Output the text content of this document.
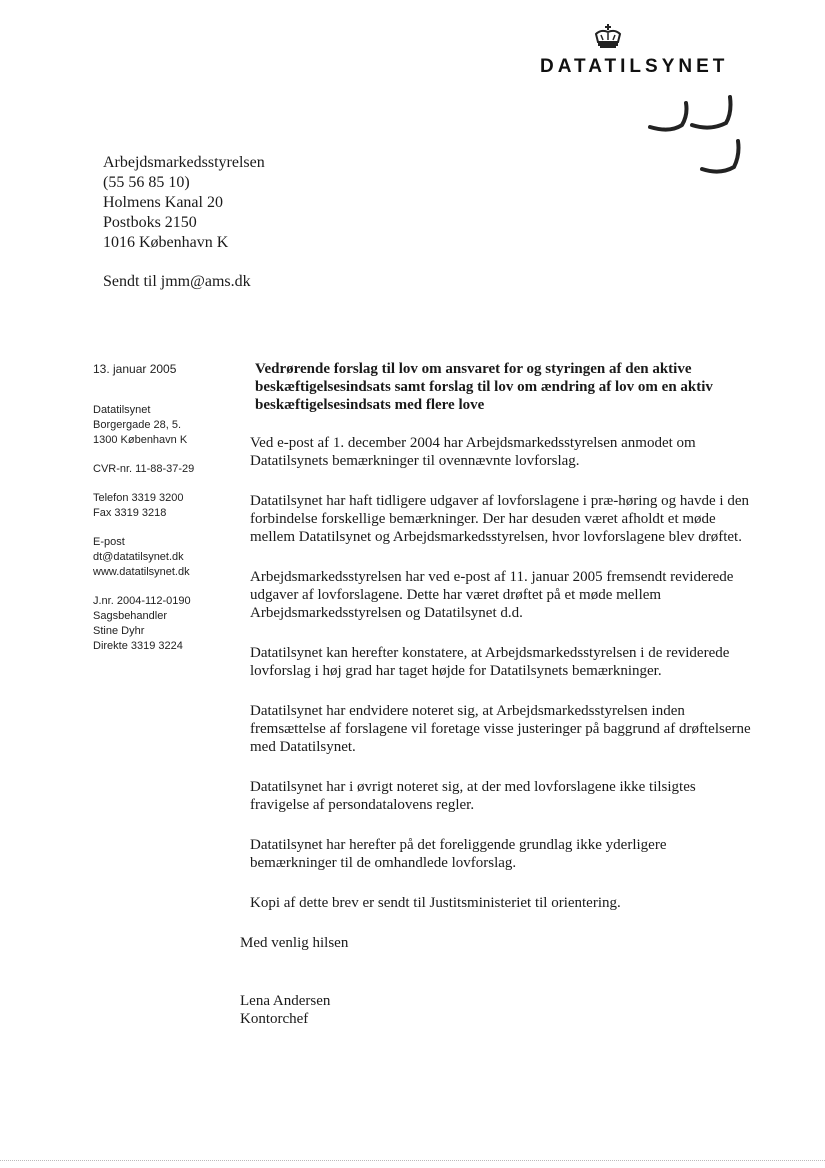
DATATILSYNET
Arbejdsmarkedsstyrelsen
(55 56 85 10)
Holmens Kanal 20
Postboks 2150
1016 København K
Sendt til jmm@ams.dk
13. januar 2005
Datatilsynet
Borgergade 28, 5.
1300 København K
CVR-nr. 11-88-37-29
Telefon 3319 3200
Fax 3319 3218
E-post
dt@datatilsynet.dk
www.datatilsynet.dk
J.nr. 2004-112-0190
Sagsbehandler
Stine Dyhr
Direkte 3319 3224
Vedrørende forslag til lov om ansvaret for og styringen af den aktive beskæftigelsesindsats samt forslag til lov om ændring af lov om en aktiv beskæftigelsesindsats med flere love
Ved e-post af 1. december 2004 har Arbejdsmarkedsstyrelsen anmodet om Datatilsynets bemærkninger til ovennævnte lovforslag.
Datatilsynet har haft tidligere udgaver af lovforslagene i præ-høring og havde i den forbindelse forskellige bemærkninger. Der har desuden været afholdt et møde mellem Datatilsynet og Arbejdsmarkedsstyrelsen, hvor lovforslagene blev drøftet.
Arbejdsmarkedsstyrelsen har ved e-post af 11. januar 2005 fremsendt reviderede udgaver af lovforslagene. Dette har været drøftet på et møde mellem Arbejdsmarkedsstyrelsen og Datatilsynet d.d.
Datatilsynet kan herefter konstatere, at Arbejdsmarkedsstyrelsen i de reviderede lovforslag i høj grad har taget højde for Datatilsynets bemærkninger.
Datatilsynet har endvidere noteret sig, at Arbejdsmarkedsstyrelsen inden fremsættelse af forslagene vil foretage visse justeringer på baggrund af drøftelserne med Datatilsynet.
Datatilsynet har i øvrigt noteret sig, at der med lovforslagene ikke tilsigtes fravigelse af persondatalovens regler.
Datatilsynet har herefter på det foreliggende grundlag ikke yderligere bemærkninger til de omhandlede lovforslag.
Kopi af dette brev er sendt til Justitsministeriet til orientering.
Med venlig hilsen
Lena Andersen
Kontorchef
